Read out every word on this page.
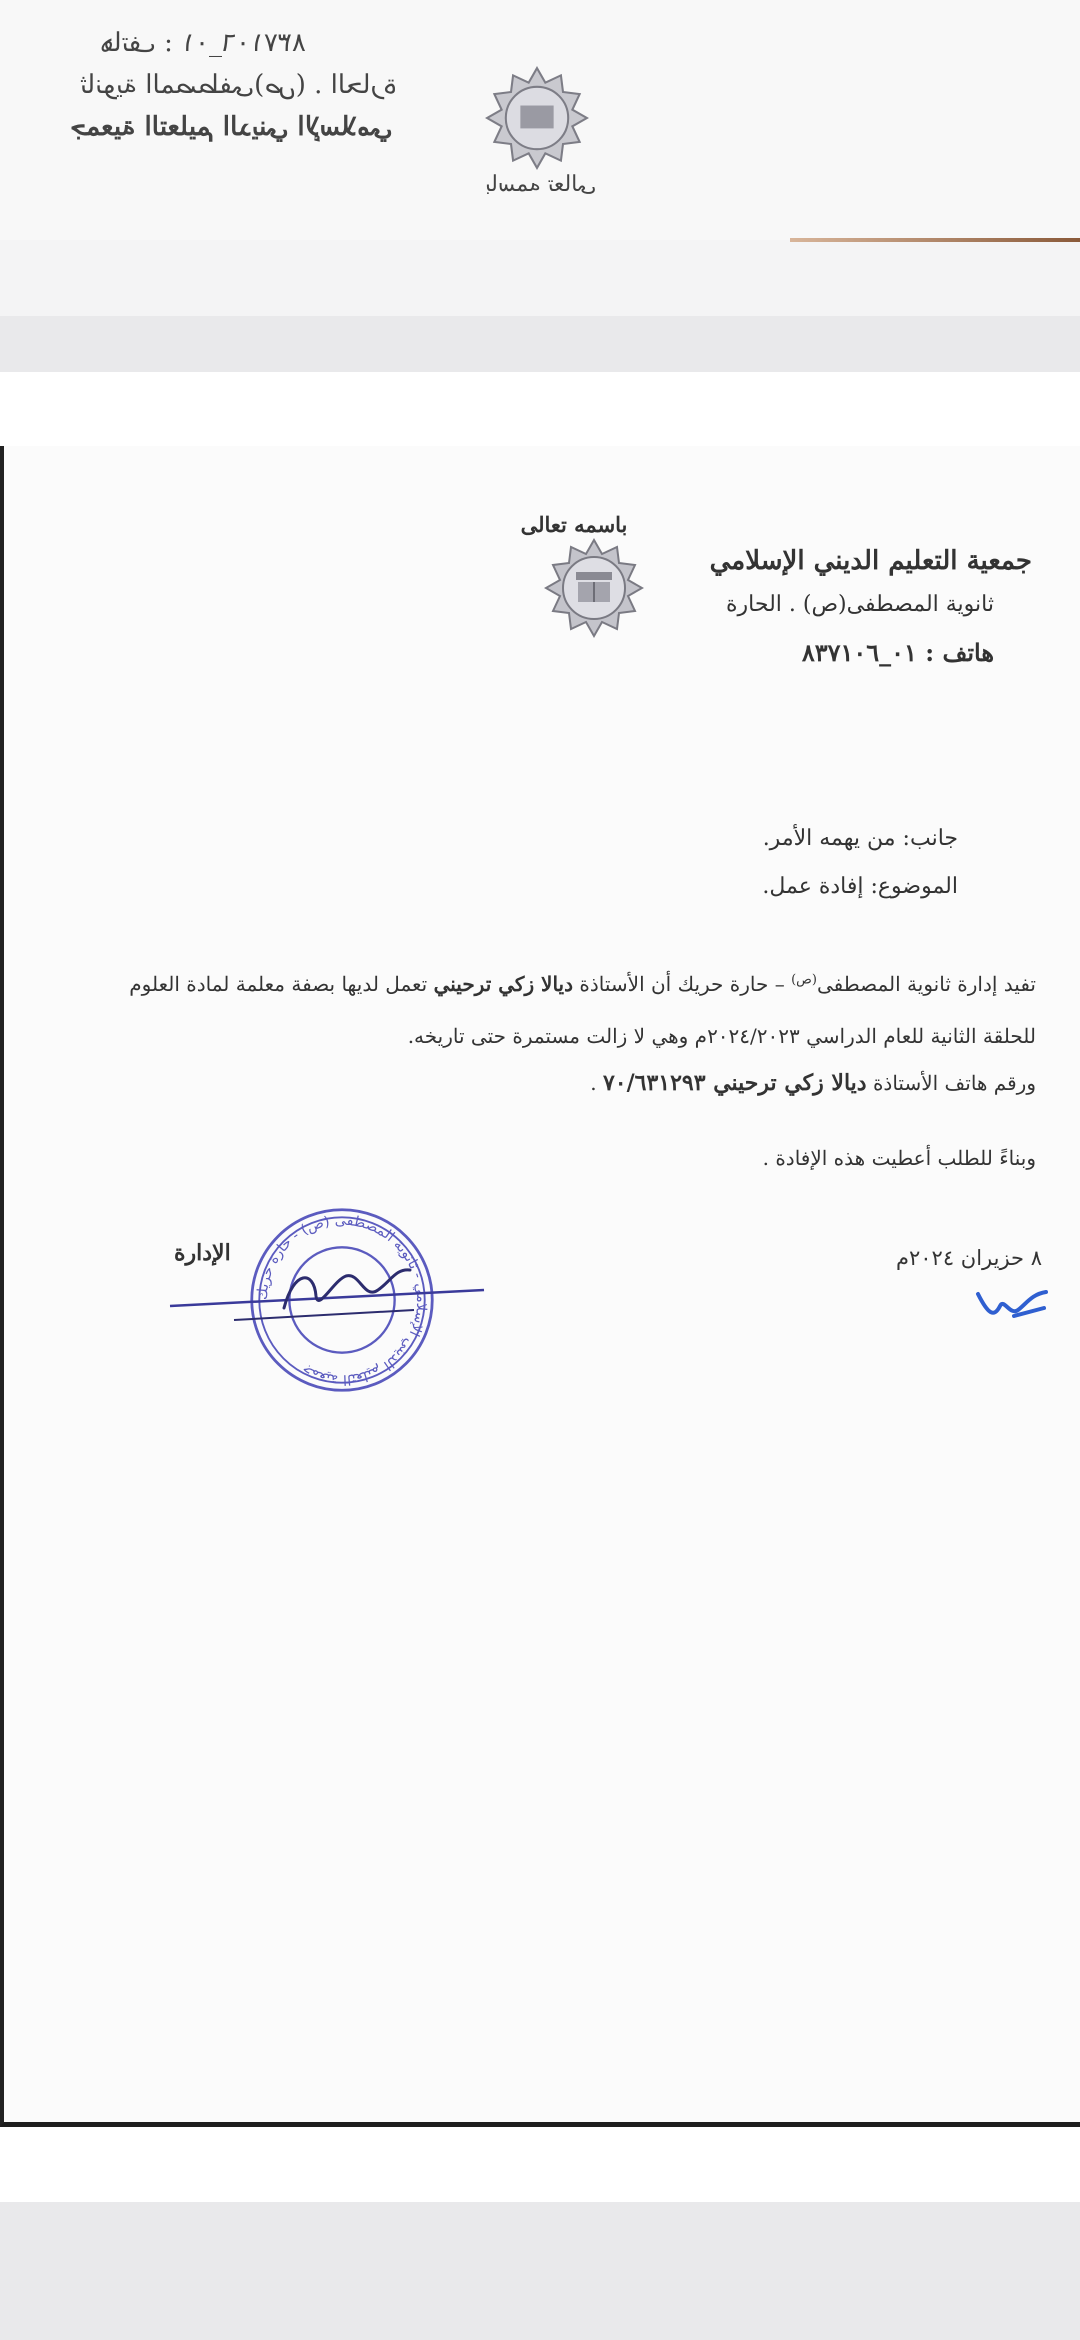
هاتف : ٠١_٨٣٧١٠٦
ثانوية المصطفى(ص) . الحارة
جمعية التعليم الديني الإسلامي
باسمه تعالى
باسمه تعالى
جمعية التعليم الديني الإسلامي
ثانوية المصطفى(ص) . الحارة
هاتف : ٠١_٨٣٧١٠٦
جانب: من يهمه الأمر.
الموضوع: إفادة عمل.
تفيد إدارة ثانوية المصطفى$^{(ص)}$ – حارة حريك أن الأستاذة ديالا زكي ترحيني تعمل لديها بصفة معلمة لمادة العلوم
للحلقة الثانية للعام الدراسي ٢٠٢٤/٢٠٢٣م وهي لا زالت مستمرة حتى تاريخه.
ورقم هاتف الأستاذة ديالا زكي ترحيني ٧٠/٦٣١٢٩٣ .
وبناءً للطلب أعطيت هذه الإفادة .
٨ حزيران ٢٠٢٤م
الإدارة
جمعية التعليم الديني الإسلامي - ثانوية المصطفى (ص) - حارة حريك
